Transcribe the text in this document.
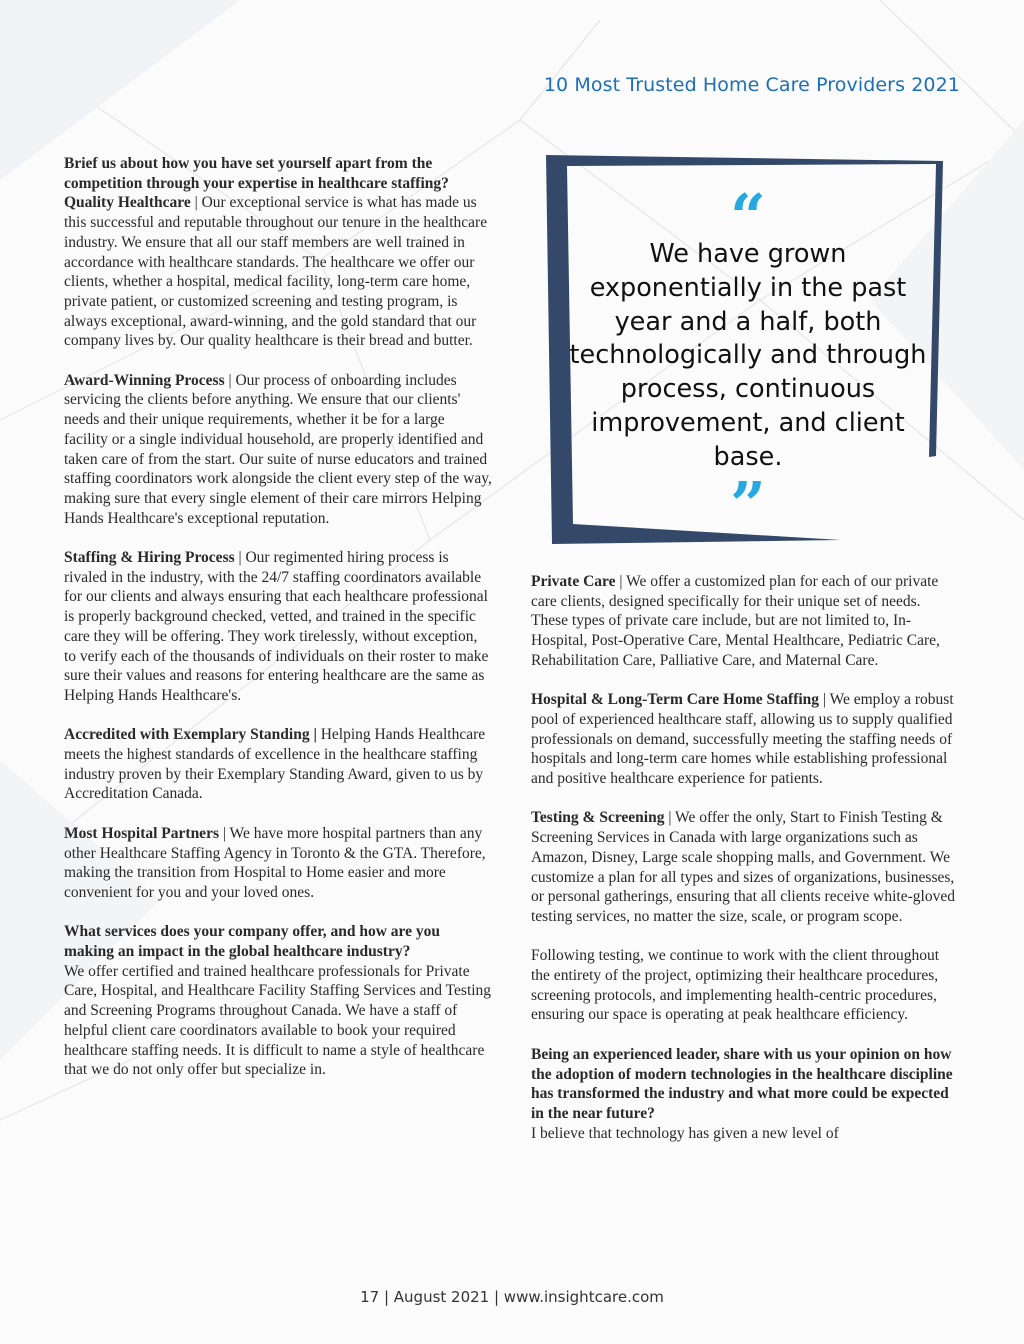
10 Most Trusted Home Care Providers 2021

Brief us about how you have set yourself apart from the competition through your expertise in healthcare staffing?

Quality Healthcare | Our exceptional service is what has made us this successful and reputable throughout our tenure in the healthcare industry. We ensure that all our staff members are well trained in accordance with healthcare standards. The healthcare we offer our clients, whether a hospital, medical facility, long-term care home, private patient, or customized screening and testing program, is always exceptional, award-winning, and the gold standard that our company lives by. Our quality healthcare is their bread and butter.

Award-Winning Process | Our process of onboarding includes servicing the clients before anything. We ensure that our clients' needs and their unique requirements, whether it be for a large facility or a single individual household, are properly identified and taken care of from the start. Our suite of nurse educators and trained staffing coordinators work alongside the client every step of the way, making sure that every single element of their care mirrors Helping Hands Healthcare's exceptional reputation.

Staffing & Hiring Process | Our regimented hiring process is rivaled in the industry, with the 24/7 staffing coordinators available for our clients and always ensuring that each healthcare professional is properly background checked, vetted, and trained in the specific care they will be offering. They work tirelessly, without exception, to verify each of the thousands of individuals on their roster to make sure their values and reasons for entering healthcare are the same as Helping Hands Healthcare's.

Accredited with Exemplary Standing | Helping Hands Healthcare meets the highest standards of excellence in the healthcare staffing industry proven by their Exemplary Standing Award, given to us by Accreditation Canada.

Most Hospital Partners | We have more hospital partners than any other Healthcare Staffing Agency in Toronto & the GTA. Therefore, making the transition from Hospital to Home easier and more convenient for you and your loved ones.

What services does your company offer, and how are you making an impact in the global healthcare industry?

We offer certified and trained healthcare professionals for Private Care, Hospital, and Healthcare Facility Staffing Services and Testing and Screening Programs throughout Canada. We have a staff of helpful client care coordinators available to book your required healthcare staffing needs. It is difficult to name a style of healthcare that we do not only offer but specialize in.

“
We have grown exponentially in the past year and a half, both technologically and through process, continuous improvement, and client base.
”

Private Care | We offer a customized plan for each of our private care clients, designed specifically for their unique set of needs. These types of private care include, but are not limited to, In-Hospital, Post-Operative Care, Mental Healthcare, Pediatric Care, Rehabilitation Care, Palliative Care, and Maternal Care.

Hospital & Long-Term Care Home Staffing | We employ a robust pool of experienced healthcare staff, allowing us to supply qualified professionals on demand, successfully meeting the staffing needs of hospitals and long-term care homes while establishing professional and positive healthcare experience for patients.

Testing & Screening | We offer the only, Start to Finish Testing & Screening Services in Canada with large organizations such as Amazon, Disney, Large scale shopping malls, and Government. We customize a plan for all types and sizes of organizations, businesses, or personal gatherings, ensuring that all clients receive white-gloved testing services, no matter the size, scale, or program scope.

Following testing, we continue to work with the client throughout the entirety of the project, optimizing their healthcare procedures, screening protocols, and implementing health-centric procedures, ensuring our space is operating at peak healthcare efficiency.

Being an experienced leader, share with us your opinion on how the adoption of modern technologies in the healthcare discipline has transformed the industry and what more could be expected in the near future?

I believe that technology has given a new level of

17 | August 2021 | www.insightcare.com
